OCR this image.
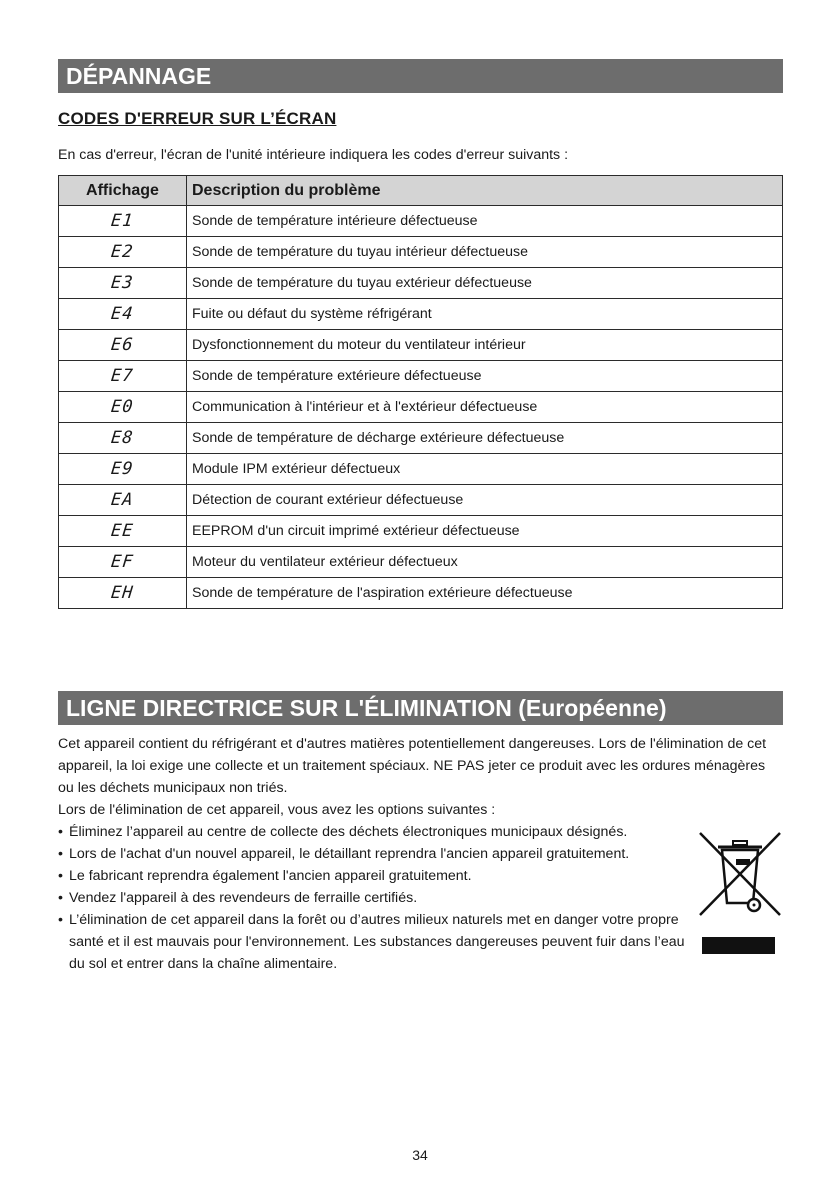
DÉPANNAGE
CODES D'ERREUR SUR L’ÉCRAN
En cas d'erreur, l'écran de l'unité intérieure indiquera les codes d'erreur suivants :
Affichage	Description du problème
E1	Sonde de température intérieure défectueuse
E2	Sonde de température du tuyau intérieur défectueuse
E3	Sonde de température du tuyau extérieur défectueuse
E4	Fuite ou défaut du système réfrigérant
E6	Dysfonctionnement du moteur du ventilateur intérieur
E7	Sonde de température extérieure défectueuse
E0	Communication à l'intérieur et à l'extérieur défectueuse
E8	Sonde de température de décharge extérieure défectueuse
E9	Module IPM extérieur défectueux
EA	Détection de courant extérieur défectueuse
EE	EEPROM d'un circuit imprimé extérieur défectueuse
EF	Moteur du ventilateur extérieur défectueux
EH	Sonde de température de l'aspiration extérieure défectueuse
LIGNE DIRECTRICE SUR L'ÉLIMINATION (Européenne)

Cet appareil contient du réfrigérant et d'autres matières potentiellement dangereuses. Lors de l'élimination de cet appareil, la loi exige une collecte et un traitement spéciaux. NE PAS jeter ce produit avec les ordures ménagères ou les déchets municipaux non triés.

Lors de l'élimination de cet appareil, vous avez les options suivantes :

• Éliminez l’appareil au centre de collecte des déchets électroniques municipaux désignés.
• Lors de l'achat d'un nouvel appareil, le détaillant reprendra l'ancien appareil gratuitement.
• Le fabricant reprendra également l'ancien appareil gratuitement.
• Vendez l'appareil à des revendeurs de ferraille certifiés.
• L’élimination de cet appareil dans la forêt ou d’autres milieux naturels met en danger votre propre santé et il est mauvais pour l'environnement. Les substances dangereuses peuvent fuir dans l’eau du sol et entrer dans la chaîne alimentaire.
34
